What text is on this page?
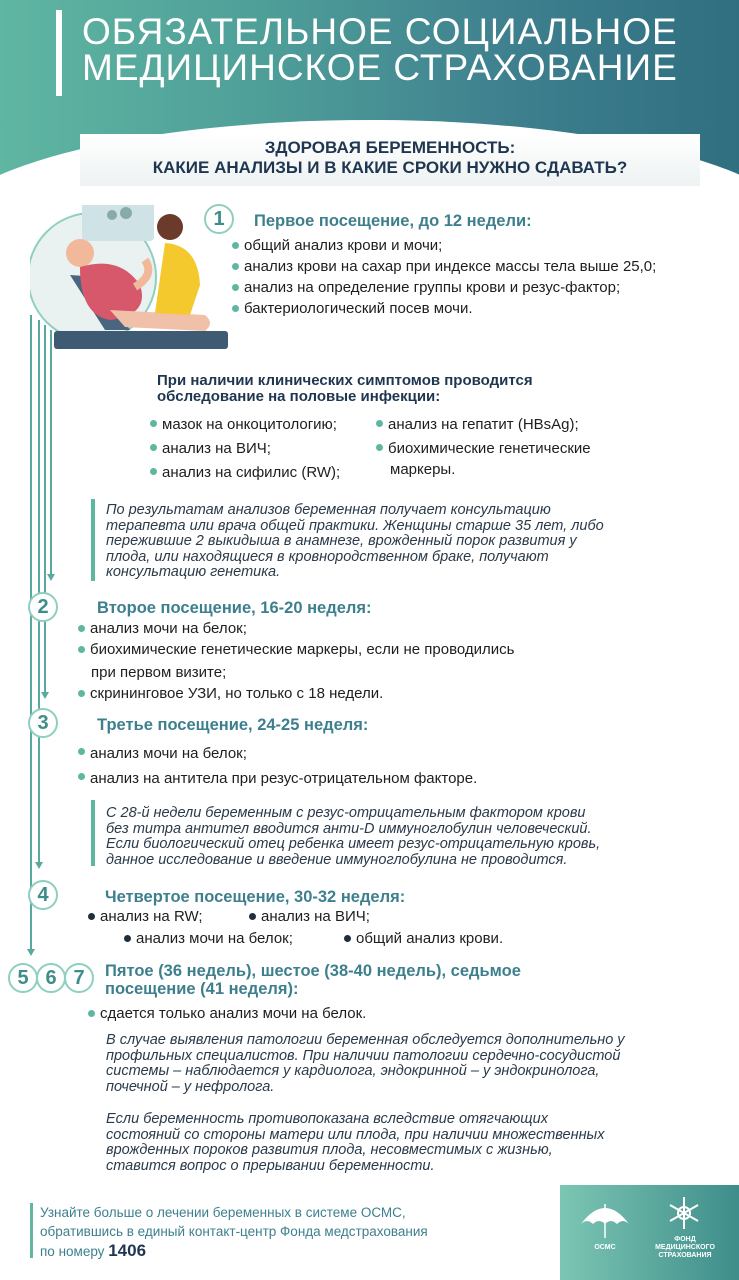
ОБЯЗАТЕЛЬНОЕ СОЦИАЛЬНОЕ
МЕДИЦИНСКОЕ СТРАХОВАНИЕ
ЗДОРОВАЯ БЕРЕМЕННОСТЬ:
КАКИЕ АНАЛИЗЫ И В КАКИЕ СРОКИ НУЖНО СДАВАТЬ?
1	Первое посещение, до 12 недели:
общий анализ крови и мочи;
анализ крови на сахар при индексе массы тела выше 25,0;
анализ на определение группы крови и резус-фактор;
бактериологический посев мочи.
При наличии клинических симптомов проводится
обследование на половые инфекции:
мазок на онкоцитологию;
анализ на ВИЧ;
анализ на сифилис (RW);
анализ на гепатит (HBsAg);
биохимические генетические
маркеры.
По результатам анализов беременная получает консультацию
терапевта или врача общей практики. Женщины старше 35 лет, либо
пережившие 2 выкидыша в анамнезе, врожденный порок развития у
плода, или находящиеся в кровнородственном браке, получают
консультацию генетика.
2	Второе посещение, 16-20 неделя:
анализ мочи на белок;
биохимические генетические маркеры, если не проводились
при первом визите;
скрининговое УЗИ, но только с 18 недели.
3	Третье посещение, 24-25 неделя:
анализ мочи на белок;
анализ на антитела при резус-отрицательном факторе.
С 28-й недели беременным с резус-отрицательным фактором крови
без титра антител вводится анти-D иммуноглобулин человеческий.
Если биологический отец ребенка имеет резус-отрицательную кровь,
данное исследование и введение иммуноглобулина не проводится.
4	Четвертое посещение, 30-32 неделя:
анализ на RW;	анализ на ВИЧ;
анализ мочи на белок;	общий анализ крови.
5 6 7	Пятое (36 недель), шестое (38-40 недель), седьмое
посещение (41 неделя):
сдается только анализ мочи на белок.
В случае выявления патологии беременная обследуется дополнительно у
профильных специалистов. При наличии патологии сердечно-сосудистой
системы – наблюдается у кардиолога, эндокринной – у эндокринолога,
почечной – у нефролога.
Если беременность противопоказана вследствие отягчающих
состояний со стороны матери или плода, при наличии множественных
врожденных пороков развития плода, несовместимых с жизнью,
ставится вопрос о прерывании беременности.
Узнайте больше о лечении беременных в системе ОСМС,
обратившись в единый контакт-центр Фонда медстрахования
по номеру 1406	ОСМС
ФОНД
МЕДИЦИНСКОГО
СТРАХОВАНИЯ
